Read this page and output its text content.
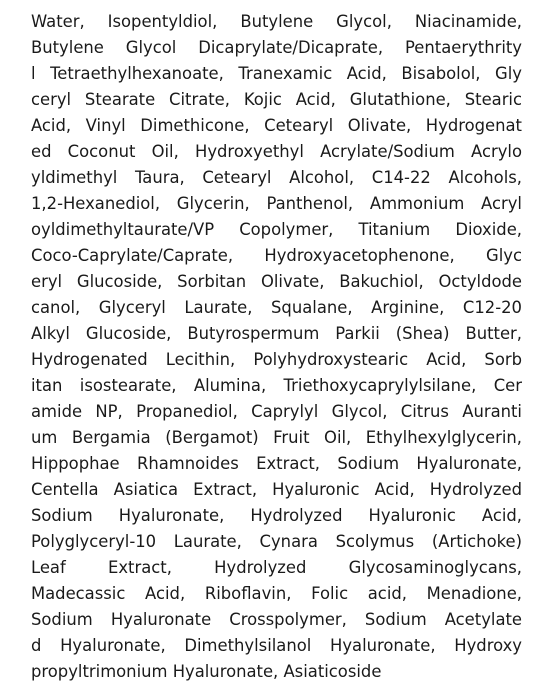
Water, Isopentyldiol, Butylene Glycol, Niacinamide,
Butylene Glycol Dicaprylate/Dicaprate, Pentaerythrity
l Tetraethylhexanoate, Tranexamic Acid, Bisabolol, Gly
ceryl Stearate Citrate, Kojic Acid, Glutathione, Stearic
Acid, Vinyl Dimethicone, Cetearyl Olivate, Hydrogenat
ed Coconut Oil, Hydroxyethyl Acrylate/Sodium Acrylo
yldimethyl Taura, Cetearyl Alcohol, C14-22 Alcohols,
1,2-Hexanediol, Glycerin, Panthenol, Ammonium Acryl
oyldimethyltaurate/VP Copolymer, Titanium Dioxide,
Coco-Caprylate/Caprate, Hydroxyacetophenone, Glyc
eryl Glucoside, Sorbitan Olivate, Bakuchiol, Octyldode
canol, Glyceryl Laurate, Squalane, Arginine, C12-20
Alkyl Glucoside, Butyrospermum Parkii (Shea) Butter,
Hydrogenated Lecithin, Polyhydroxystearic Acid, Sorb
itan isostearate, Alumina, Triethoxycaprylylsilane, Cer
amide NP, Propanediol, Caprylyl Glycol, Citrus Auranti
um Bergamia (Bergamot) Fruit Oil, Ethylhexylglycerin,
Hippophae Rhamnoides Extract, Sodium Hyaluronate,
Centella Asiatica Extract, Hyaluronic Acid, Hydrolyzed
Sodium Hyaluronate, Hydrolyzed Hyaluronic Acid,
Polyglyceryl-10 Laurate, Cynara Scolymus (Artichoke)
Leaf Extract, Hydrolyzed Glycosaminoglycans,
Madecassic Acid, Riboflavin, Folic acid, Menadione,
Sodium Hyaluronate Crosspolymer, Sodium Acetylate
d Hyaluronate, Dimethylsilanol Hyaluronate, Hydroxy
propyltrimonium Hyaluronate, Asiaticoside
